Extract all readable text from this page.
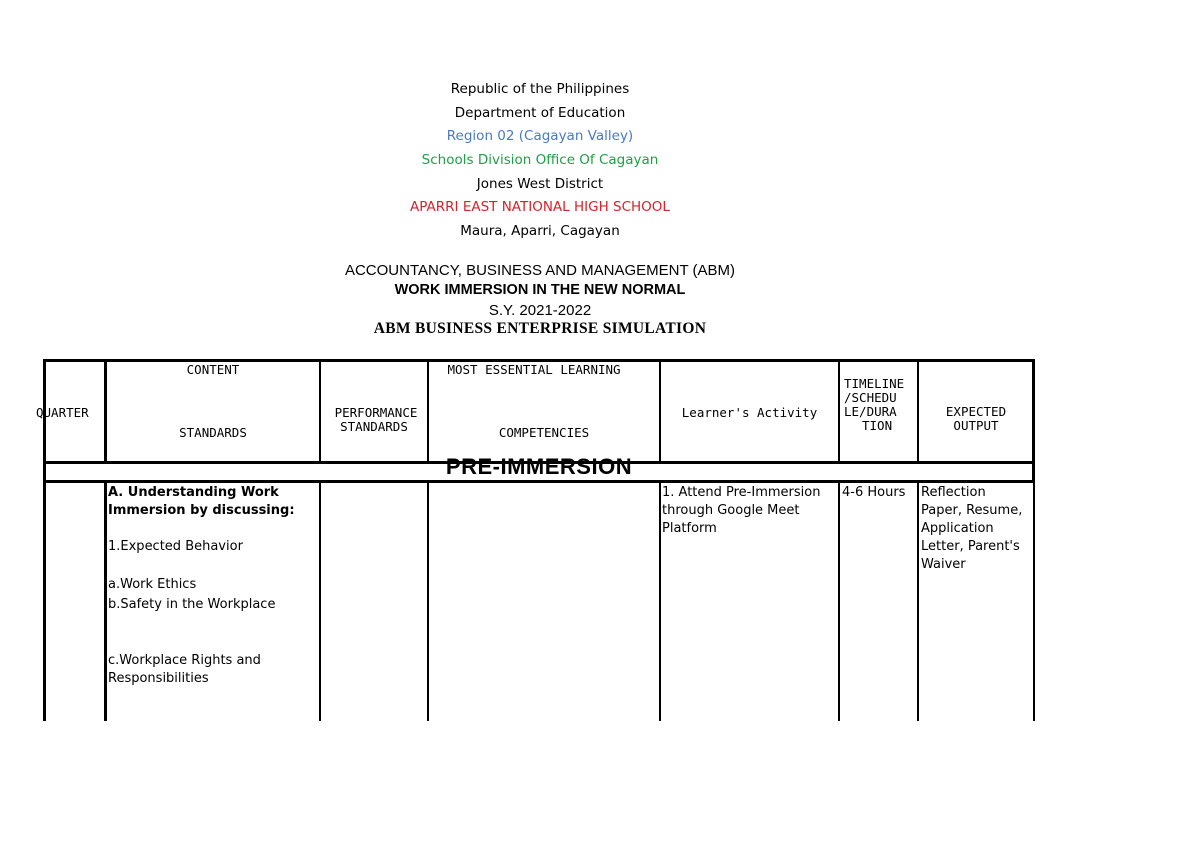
Republic of the Philippines
Department of Education
Region 02 (Cagayan Valley)
Schools Division Office Of Cagayan
Jones West District
APARRI EAST NATIONAL HIGH SCHOOL
Maura, Aparri, Cagayan
ACCOUNTANCY, BUSINESS AND MANAGEMENT (ABM)
WORK IMMERSION IN THE NEW NORMAL
S.Y. 2021-2022
ABM BUSINESS ENTERPRISE SIMULATION
QUARTER
CONTENT
STANDARDS
PERFORMANCE
STANDARDS
MOST ESSENTIAL LEARNING
COMPETENCIES
Learner's Activity
TIMELINE
/SCHEDU
LE/DURA
TION
EXPECTED
OUTPUT
PRE-IMMERSION
A. Understanding Work
Immersion by discussing:
1.Expected Behavior
a.Work Ethics
b.Safety in the Workplace
c.Workplace Rights and
Responsibilities
1. Attend Pre-Immersion
through Google Meet
Platform
4-6 Hours	Reflection
Paper, Resume,
Application
Letter, Parent's
Waiver
